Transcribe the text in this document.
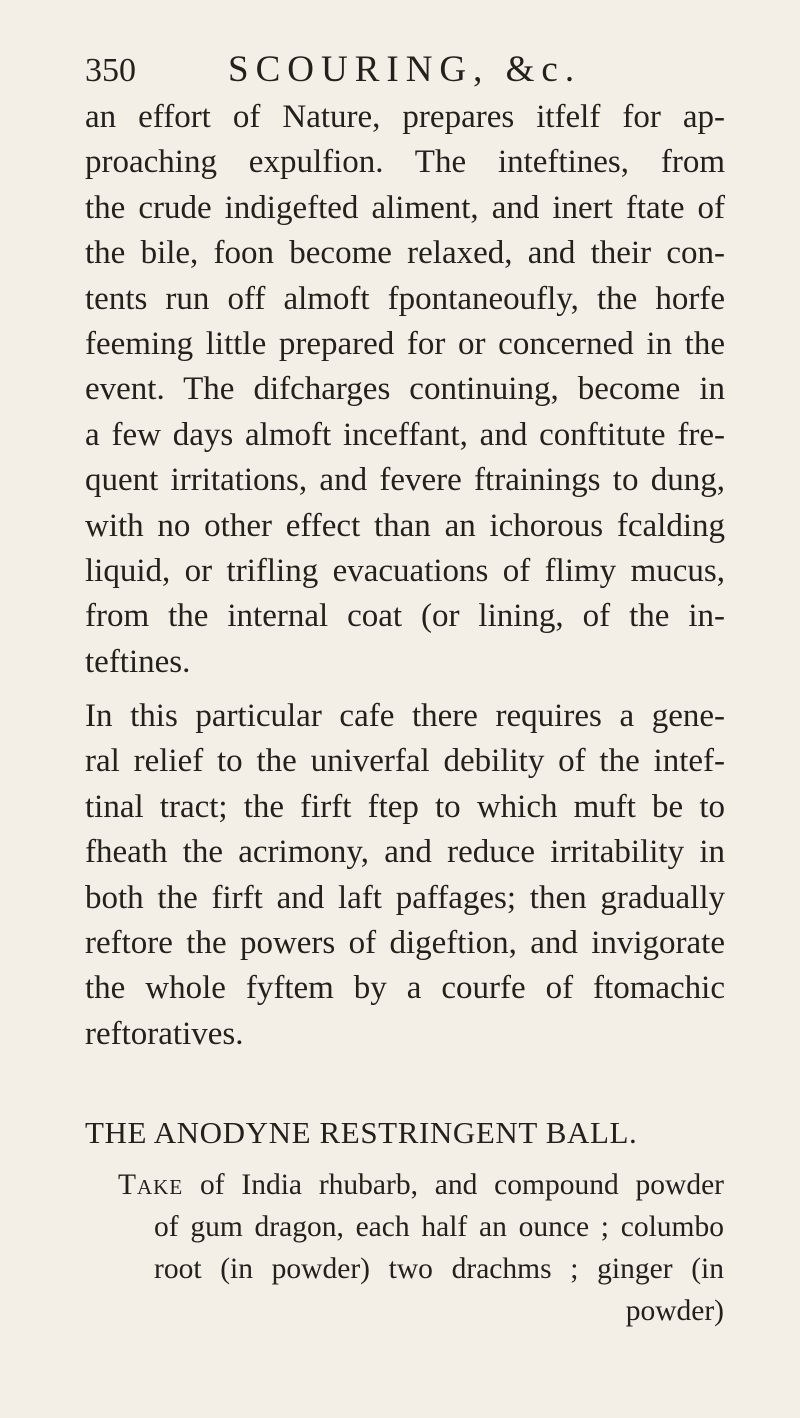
350 SCOURING, &c.
an effort of Nature, prepares itfelf for ap-
proaching expulfion. The inteftines, from
the crude indigefted aliment, and inert ftate of
the bile, foon become relaxed, and their con-
tents run off almoft fpontaneoufly, the horfe
feeming little prepared for or concerned in the
event. The difcharges continuing, become in
a few days almoft inceffant, and conftitute fre-
quent irritations, and fevere ftrainings to dung,
with no other effect than an ichorous fcalding
liquid, or trifling evacuations of flimy mucus,
from the internal coat (or lining, of the in-
teftines.
In this particular cafe there requires a gene-
ral relief to the univerfal debility of the intef-
tinal tract; the firft ftep to which muft be to
fheath the acrimony, and reduce irritability in
both the firft and laft paffages; then gradually
reftore the powers of digeftion, and invigorate
the whole fyftem by a courfe of ftomachic
reftoratives.
THE ANODYNE RESTRINGENT BALL.
Take of India rhubarb, and compound powder
of gum dragon, each half an ounce ; columbo
root (in powder) two drachms ; ginger (in
powder)
